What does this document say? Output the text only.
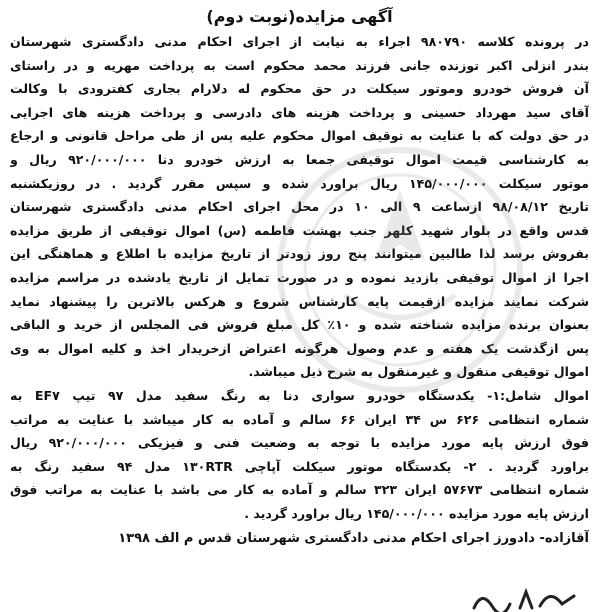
آگهی مزایده(نوبت دوم)
در پرونده کلاسه ۹۸۰۷۹۰ اجراء به نیابت از اجرای احکام مدنی دادگستری شهرستان
بندر انزلی اکبر توزنده جانی فرزند محمد محکوم است به پرداخت مهریه و در راستای
آن فروش خودرو وموتور سیکلت در حق محکوم له دلارام بجاری کفترودی با وکالت
آقای سید مهرداد حسینی و پرداخت هزینه های دادرسی و پرداخت هزینه های اجرایی
در حق دولت که با عنایت به توقیف اموال محکوم علیه پس از طی مراحل قانونی و ارجاع
به کارشناسی قیمت اموال توقیفی جمعا به ارزش خودرو دنا ۹۲۰/۰۰۰/۰۰۰ ریال و
موتور سیکلت ۱۴۵/۰۰۰/۰۰۰ ریال براورد شده و سپس مقرر گردید . در روزیکشنبه
تاریخ ۹۸/۰۸/۱۲ ازساعت ۹ الی ۱۰ در محل اجرای احکام مدنی دادگستری شهرستان
قدس واقع در بلوار شهید کلهر جنب بهشت فاطمه (س) اموال توقیفی از طریق مزایده
بفروش برسد لذا طالبین میتوانند پنج روز زودتر از تاریخ مزایده با اطلاع و هماهنگی این
اجرا از اموال توقیفی بازدید نموده و در صورت تمایل از تاریخ یادشده در مراسم مزایده
شرکت نمایند مزایده ازقیمت پایه کارشناس شروع و هرکس بالاترین را پیشنهاد نماید
بعنوان برنده مزایده شناخته شده و ۱۰٪ کل مبلغ فروش فی المجلس از خرید و الباقی
پس ازگذشت یک هفته و عدم وصول هرگونه اعتراض ازخریدار اخذ و کلیه اموال به وی
اموال توقیفی منقول و غیرمنقول به شرح ذیل میباشد.
اموال شامل:۱- یکدستگاه خودرو سواری دنا به رنگ سفید مدل ۹۷ تیپ EF۷ به
شماره انتظامی ۶۲۶ س ۳۴ ایران ۶۶ سالم و آماده به کار میباشد با عنایت به مراتب
فوق ارزش پایه مورد مزایده با توجه به وضعیت فنی و فیزیکی ۹۲۰/۰۰۰/۰۰۰ ریال
براورد گردید . ۲- یکدستگاه موتور سیکلت آپاچی ۱۳۰RTR مدل ۹۴ سفید رنگ به
شماره انتظامی ۵۷۶۷۳ ایران ۳۲۳ سالم و آماده به کار می باشد با عنایت به مراتب فوق
ارزش پایه مورد مزایده ۱۴۵/۰۰۰/۰۰۰ ریال براورد گردید .
آقازاده- دادورز اجرای احکام مدنی دادگستری شهرستان قدس م الف ۱۳۹۸
